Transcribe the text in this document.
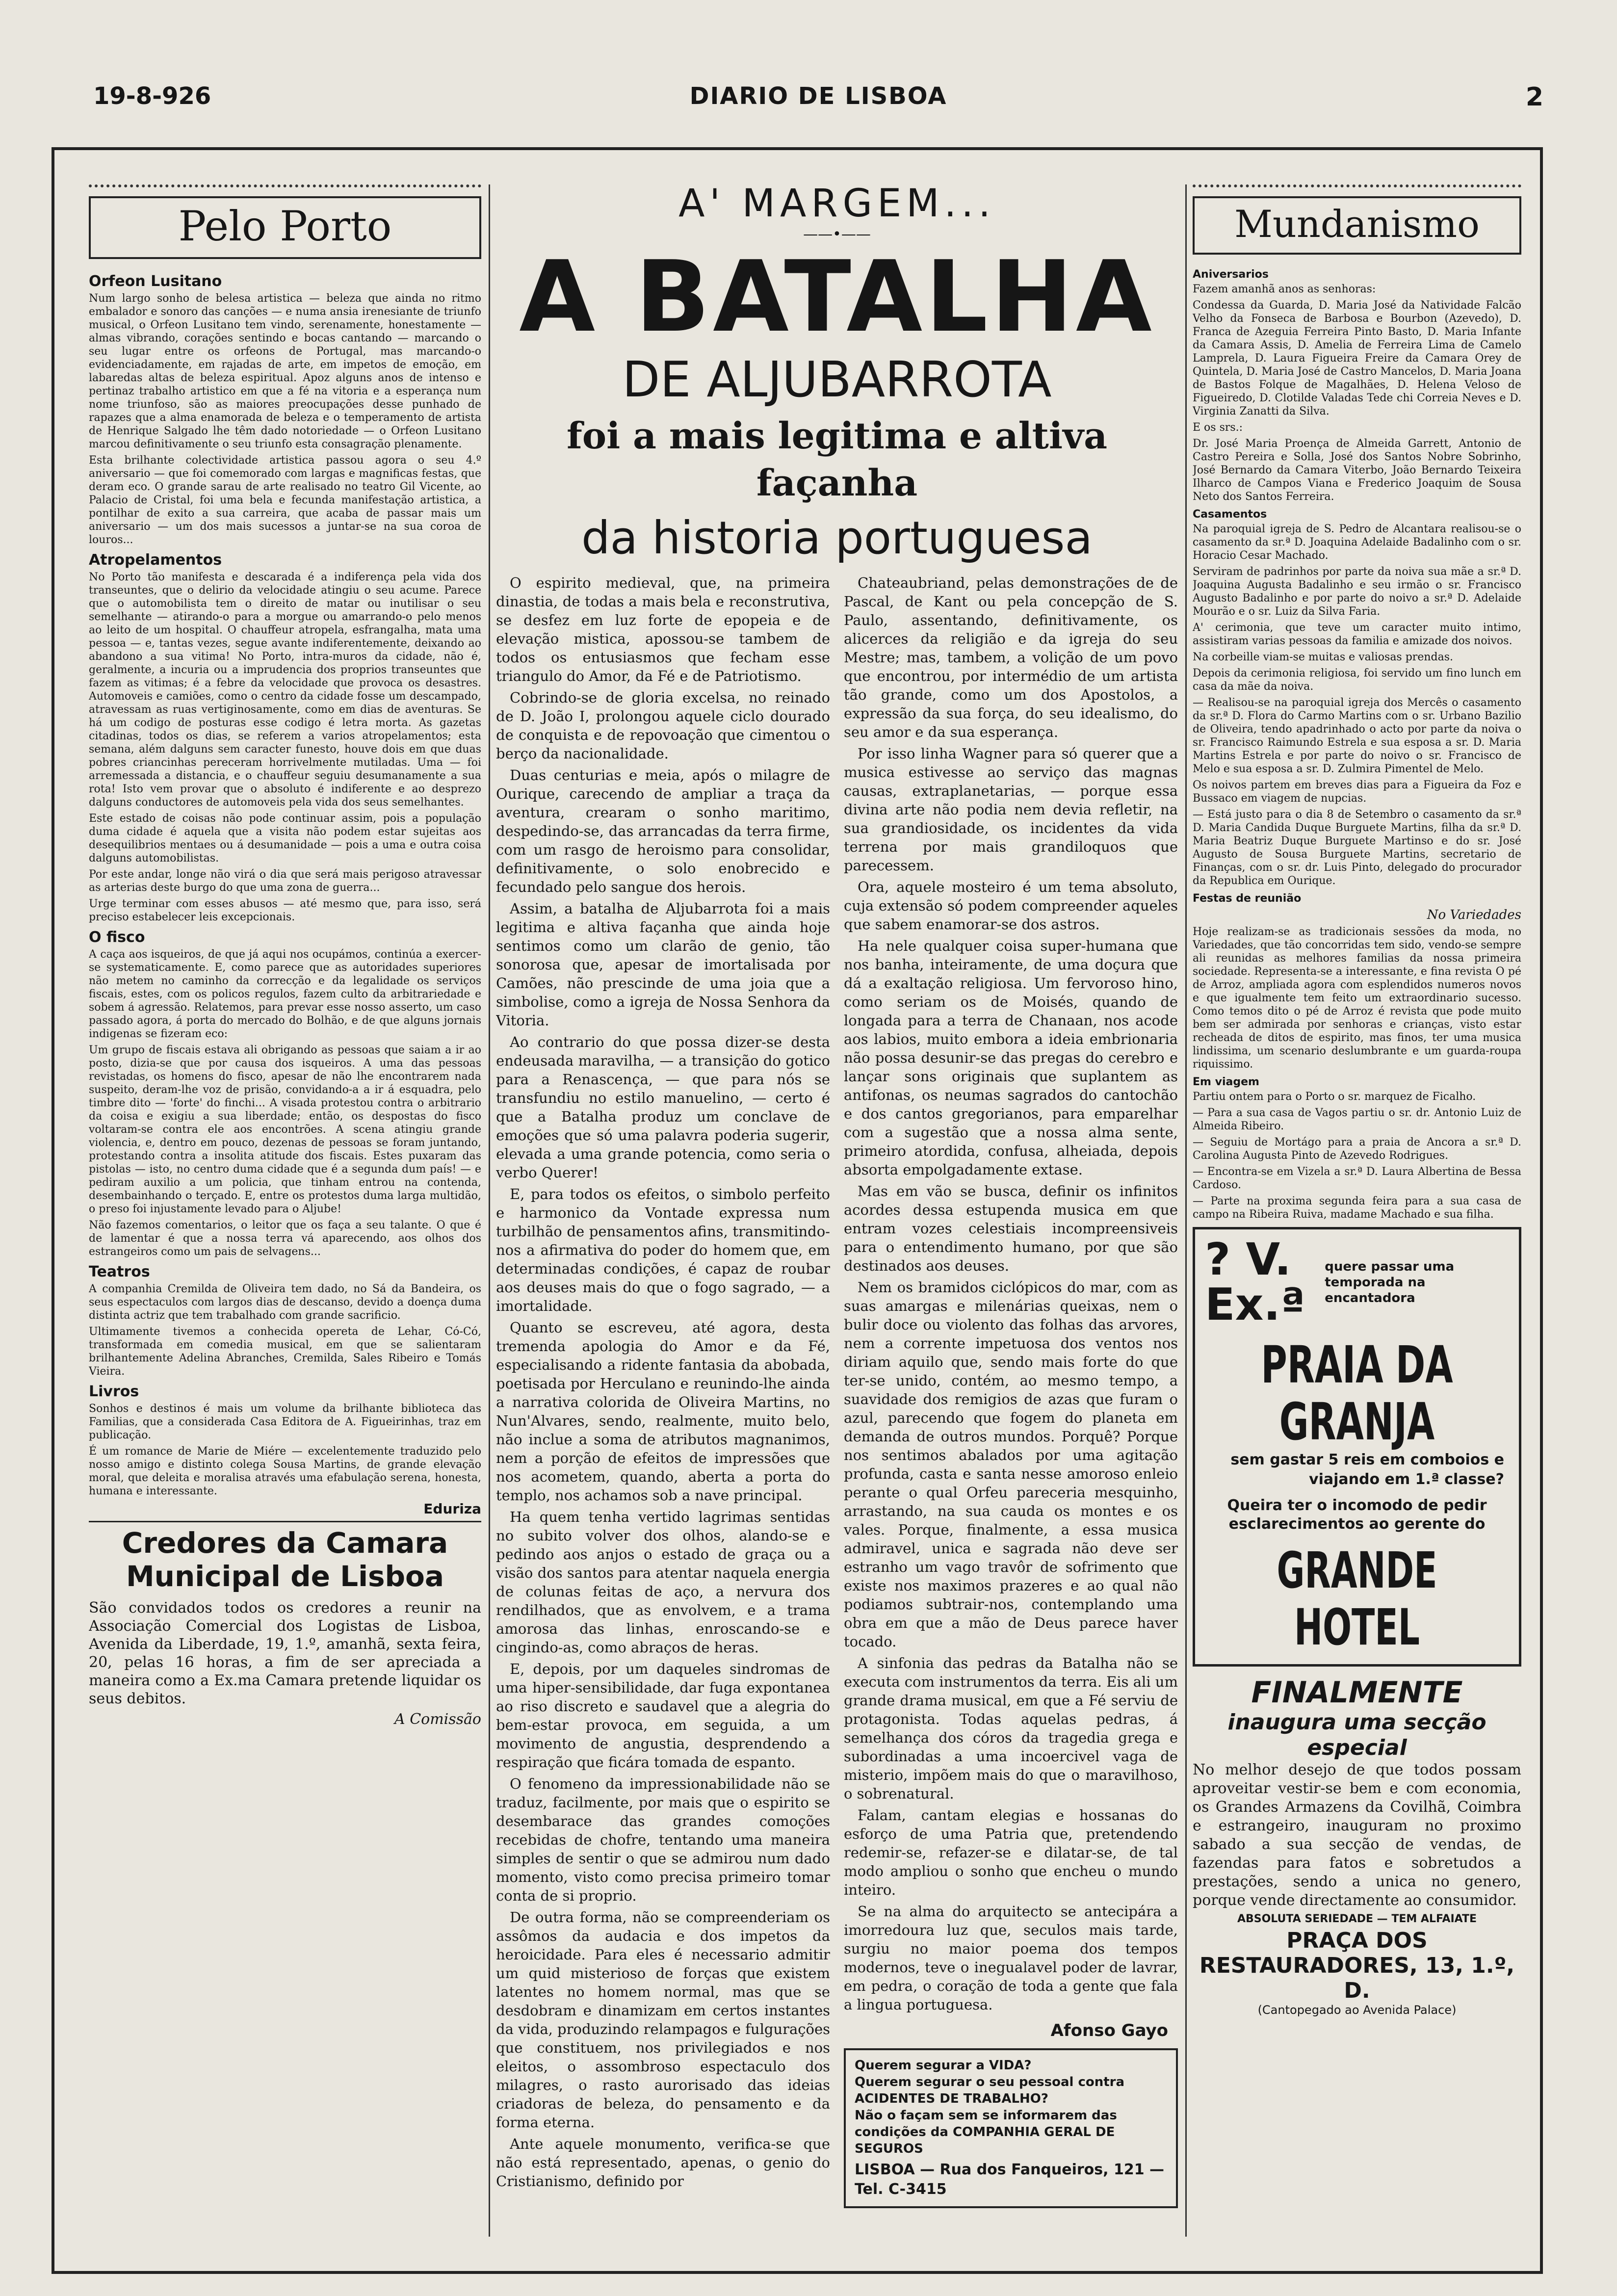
19-8-926	DIARIO DE LISBOA	2
Pelo Porto
Orfeon Lusitano

Num largo sonho de belesa artistica — beleza que ainda no ritmo embalador e sonoro das canções — e numa ansia irenesiante de triunfo musical, o Orfeon Lusitano tem vindo, serenamente, honestamente — almas vibrando, corações sentindo e bocas cantando — marcando o seu lugar entre os orfeons de Portugal, mas marcando-o evidenciadamente, em rajadas de arte, em impetos de emoção, em labaredas altas de beleza espiritual. Apoz alguns anos de intenso e pertinaz trabalho artistico em que a fé na vitoria e a esperança num nome triunfoso, são as maiores preocupações desse punhado de rapazes que a alma enamorada de beleza e o temperamento de artista de Henrique Salgado lhe têm dado notoriedade — o Orfeon Lusitano marcou definitivamente o seu triunfo esta consagração plenamente.

Esta brilhante colectividade artistica passou agora o seu 4.º aniversario — que foi comemorado com largas e magnificas festas, que deram eco. O grande sarau de arte realisado no teatro Gil Vicente, ao Palacio de Cristal, foi uma bela e fecunda manifestação artistica, a pontilhar de exito a sua carreira, que acaba de passar mais um aniversario — um dos mais sucessos a juntar-se na sua coroa de louros...

Atropelamentos

No Porto tão manifesta e descarada é a indiferença pela vida dos transeuntes, que o delirio da velocidade atingiu o seu acume. Parece que o automobilista tem o direito de matar ou inutilisar o seu semelhante — atirando-o para a morgue ou amarrando-o pelo menos ao leito de um hospital. O chauffeur atropela, esfrangalha, mata uma pessoa — e, tantas vezes, segue avante indiferentemente, deixando ao abandono a sua vitima! No Porto, intra-muros da cidade, não é, geralmente, a incuria ou a imprudencia dos proprios transeuntes que fazem as vitimas; é a febre da velocidade que provoca os desastres. Automoveis e camiões, como o centro da cidade fosse um descampado, atravessam as ruas vertiginosamente, como em dias de aventuras. Se há um codigo de posturas esse codigo é letra morta. As gazetas citadinas, todos os dias, se referem a varios atropelamentos; esta semana, além dalguns sem caracter funesto, houve dois em que duas pobres criancinhas pereceram horrivelmente mutiladas. Uma — foi arremessada a distancia, e o chauffeur seguiu desumanamente a sua rota! Isto vem provar que o absoluto é indiferente e ao desprezo dalguns conductores de automoveis pela vida dos seus semelhantes.

Este estado de coisas não pode continuar assim, pois a população duma cidade é aquela que a visita não podem estar sujeitas aos desequilibrios mentaes ou á desumanidade — pois a uma e outra coisa dalguns automobilistas.

Por este andar, longe não virá o dia que será mais perigoso atravessar as arterias deste burgo do que uma zona de guerra...

Urge terminar com esses abusos — até mesmo que, para isso, será preciso estabelecer leis excepcionais.

O fisco

A caça aos isqueiros, de que já aqui nos ocupámos, continúa a exercer-se systematicamente. E, como parece que as autoridades superiores não metem no caminho da correcção e da legalidade os serviços fiscais, estes, com os policos regulos, fazem culto da arbitrariedade e sobem á agressão. Relatemos, para prevar esse nosso asserto, um caso passado agora, á porta do mercado do Bolhão, e de que alguns jornais indigenas se fizeram eco:

Um grupo de fiscais estava ali obrigando as pessoas que saiam a ir ao posto, dizia-se que por causa dos isqueiros. A uma das pessoas revistadas, os homens do fisco, apesar de não lhe encontrarem nada suspeito, deram-lhe voz de prisão, convidando-a a ir á esquadra, pelo timbre dito — 'forte' do finchi... A visada protestou contra o arbitrario da coisa e exigiu a sua liberdade; então, os despostas do fisco voltaram-se contra ele aos encontrões. A scena atingiu grande violencia, e, dentro em pouco, dezenas de pessoas se foram juntando, protestando contra a insolita atitude dos fiscais. Estes puxaram das pistolas — isto, no centro duma cidade que é a segunda dum país! — e pediram auxilio a um policia, que tinham entrou na contenda, desembainhando o terçado. E, entre os protestos duma larga multidão, o preso foi injustamente levado para o Aljube!

Não fazemos comentarios, o leitor que os faça a seu talante. O que é de lamentar é que a nossa terra vá aparecendo, aos olhos dos estrangeiros como um pais de selvagens...

Teatros

A companhia Cremilda de Oliveira tem dado, no Sá da Bandeira, os seus espectaculos com largos dias de descanso, devido a doença duma distinta actriz que tem trabalhado com grande sacrificio.

Ultimamente tivemos a conhecida opereta de Lehar, Có-Có, transformada em comedia musical, em que se salientaram brilhantemente Adelina Abranches, Cremilda, Sales Ribeiro e Tomás Vieira.

Livros

Sonhos e destinos é mais um volume da brilhante biblioteca das Familias, que a considerada Casa Editora de A. Figueirinhas, traz em publicação.

É um romance de Marie de Miére — excelentemente traduzido pelo nosso amigo e distinto colega Sousa Martins, de grande elevação moral, que deleita e moralisa através uma efabulação serena, honesta, humana e interessante.

Eduriza
Credores da Camara Municipal de Lisboa

São convidados todos os credores a reunir na Associação Comercial dos Logistas de Lisboa, Avenida da Liberdade, 19, 1.º, amanhã, sexta feira, 20, pelas 16 horas, a fim de ser apreciada a maneira como a Ex.ma Camara pretende liquidar os seus debitos.

A Comissão
A' MARGEM...
——•——
A BATALHA
DE ALJUBARROTA
foi a mais legitima e altiva façanha
da historia portuguesa

O espirito medieval, que, na primeira dinastia, de todas a mais bela e reconstrutiva, se desfez em luz forte de epopeia e de elevação mistica, apossou-se tambem de todos os entusiasmos que fecham esse triangulo do Amor, da Fé e de Patriotismo.

Cobrindo-se de gloria excelsa, no reinado de D. João I, prolongou aquele ciclo dourado de conquista e de repovoação que cimentou o berço da nacionalidade.

Duas centurias e meia, após o milagre de Ourique, carecendo de ampliar a traça da aventura, crearam o sonho maritimo, despedindo-se, das arrancadas da terra firme, com um rasgo de heroismo para consolidar, definitivamente, o solo enobrecido e fecundado pelo sangue dos herois.

Assim, a batalha de Aljubarrota foi a mais legitima e altiva façanha que ainda hoje sentimos como um clarão de genio, tão sonorosa que, apesar de imortalisada por Camões, não prescinde de uma joia que a simbolise, como a igreja de Nossa Senhora da Vitoria.

Ao contrario do que possa dizer-se desta endeusada maravilha, — a transição do gotico para a Renascença, — que para nós se transfundiu no estilo manuelino, — certo é que a Batalha produz um conclave de emoções que só uma palavra poderia sugerir, elevada a uma grande potencia, como seria o verbo Querer!

E, para todos os efeitos, o simbolo perfeito e harmonico da Vontade expressa num turbilhão de pensamentos afins, transmitindo-nos a afirmativa do poder do homem que, em determinadas condições, é capaz de roubar aos deuses mais do que o fogo sagrado, — a imortalidade.

Quanto se escreveu, até agora, desta tremenda apologia do Amor e da Fé, especialisando a ridente fantasia da abobada, poetisada por Herculano e reunindo-lhe ainda a narrativa colorida de Oliveira Martins, no Nun'Alvares, sendo, realmente, muito belo, não inclue a soma de atributos magnanimos, nem a porção de efeitos de impressões que nos acometem, quando, aberta a porta do templo, nos achamos sob a nave principal.

Ha quem tenha vertido lagrimas sentidas no subito volver dos olhos, alando-se e pedindo aos anjos o estado de graça ou a visão dos santos para atentar naquela energia de colunas feitas de aço, a nervura dos rendilhados, que as envolvem, e a trama amorosa das linhas, enroscando-se e cingindo-as, como abraços de heras.

E, depois, por um daqueles sindromas de uma hiper-sensibilidade, dar fuga expontanea ao riso discreto e saudavel que a alegria do bem-estar provoca, em seguida, a um movimento de angustia, desprendendo a respiração que ficára tomada de espanto.

O fenomeno da impressionabilidade não se traduz, facilmente, por mais que o espirito se desembarace das grandes comoções recebidas de chofre, tentando uma maneira simples de sentir o que se admirou num dado momento, visto como precisa primeiro tomar conta de si proprio.

De outra forma, não se compreenderiam os assômos da audacia e dos impetos da heroicidade. Para eles é necessario admitir um quid misterioso de forças que existem latentes no homem normal, mas que se desdobram e dinamizam em certos instantes da vida, produzindo relampagos e fulgurações que constituem, nos privilegiados e nos eleitos, o assombroso espectaculo dos milagres, o rasto aurorisado das ideias criadoras de beleza, do pensamento e da forma eterna.

Ante aquele monumento, verifica-se que não está representado, apenas, o genio do Cristianismo, definido por

Chateaubriand, pelas demonstrações de de Pascal, de Kant ou pela concepção de S. Paulo, assentando, definitivamente, os alicerces da religião e da igreja do seu Mestre; mas, tambem, a volição de um povo que encontrou, por intermédio de um artista tão grande, como um dos Apostolos, a expressão da sua força, do seu idealismo, do seu amor e da sua esperança.

Por isso linha Wagner para só querer que a musica estivesse ao serviço das magnas causas, extraplanetarias, — porque essa divina arte não podia nem devia refletir, na sua grandiosidade, os incidentes da vida terrena por mais grandiloquos que parecessem.

Ora, aquele mosteiro é um tema absoluto, cuja extensão só podem compreender aqueles que sabem enamorar-se dos astros.

Ha nele qualquer coisa super-humana que nos banha, inteiramente, de uma doçura que dá a exaltação religiosa. Um fervoroso hino, como seriam os de Moisés, quando de longada para a terra de Chanaan, nos acode aos labios, muito embora a ideia embrionaria não possa desunir-se das pregas do cerebro e lançar sons originais que suplantem as antifonas, os neumas sagrados do cantochão e dos cantos gregorianos, para emparelhar com a sugestão que a nossa alma sente, primeiro atordida, confusa, alheiada, depois absorta empolgadamente extase.

Mas em vão se busca, definir os infinitos acordes dessa estupenda musica em que entram vozes celestiais incompreensiveis para o entendimento humano, por que são destinados aos deuses.

Nem os bramidos ciclópicos do mar, com as suas amargas e milenárias queixas, nem o bulir doce ou violento das folhas das arvores, nem a corrente impetuosa dos ventos nos diriam aquilo que, sendo mais forte do que ter-se unido, contém, ao mesmo tempo, a suavidade dos remigios de azas que furam o azul, parecendo que fogem do planeta em demanda de outros mundos. Porquê? Porque nos sentimos abalados por uma agitação profunda, casta e santa nesse amoroso enleio perante o qual Orfeu pareceria mesquinho, arrastando, na sua cauda os montes e os vales. Porque, finalmente, a essa musica admiravel, unica e sagrada não deve ser estranho um vago travôr de sofrimento que existe nos maximos prazeres e ao qual não podiamos subtrair-nos, contemplando uma obra em que a mão de Deus parece haver tocado.

A sinfonia das pedras da Batalha não se executa com instrumentos da terra. Eis ali um grande drama musical, em que a Fé serviu de protagonista. Todas aquelas pedras, á semelhança dos córos da tragedia grega e subordinadas a uma incoercivel vaga de misterio, impõem mais do que o maravilhoso, o sobrenatural.

Falam, cantam elegias e hossanas do esforço de uma Patria que, pretendendo redemir-se, refazer-se e dilatar-se, de tal modo ampliou o sonho que encheu o mundo inteiro.

Se na alma do arquitecto se antecipára a imorredoura luz que, seculos mais tarde, surgiu no maior poema dos tempos modernos, teve o inegualavel poder de lavrar, em pedra, o coração de toda a gente que fala a lingua portuguesa.

Afonso Gayo
Querem segurar a VIDA?
Querem segurar o seu pessoal contra ACIDENTES DE TRABALHO?
Não o façam sem se informarem das condições da COMPANHIA GERAL DE SEGUROS
LISBOA — Rua dos Fanqueiros, 121 — Tel. C-3415
Mundanismo
Aniversarios

Fazem amanhã anos as senhoras:

Condessa da Guarda, D. Maria José da Natividade Falcão Velho da Fonseca de Barbosa e Bourbon (Azevedo), D. Franca de Azeguia Ferreira Pinto Basto, D. Maria Infante da Camara Assis, D. Amelia de Ferreira Lima de Camelo Lamprela, D. Laura Figueira Freire da Camara Orey de Quintela, D. Maria José de Castro Mancelos, D. Maria Joana de Bastos Folque de Magalhães, D. Helena Veloso de Figueiredo, D. Clotilde Valadas Tede chi Correia Neves e D. Virginia Zanatti da Silva.

E os srs.:

Dr. José Maria Proença de Almeida Garrett, Antonio de Castro Pereira e Solla, José dos Santos Nobre Sobrinho, José Bernardo da Camara Viterbo, João Bernardo Teixeira Ilharco de Campos Viana e Frederico Joaquim de Sousa Neto dos Santos Ferreira.

Casamentos

Na paroquial igreja de S. Pedro de Alcantara realisou-se o casamento da sr.ª D. Joaquina Adelaide Badalinho com o sr. Horacio Cesar Machado.

Serviram de padrinhos por parte da noiva sua mãe a sr.ª D. Joaquina Augusta Badalinho e seu irmão o sr. Francisco Augusto Badalinho e por parte do noivo a sr.ª D. Adelaide Mourão e o sr. Luiz da Silva Faria.

A' cerimonia, que teve um caracter muito intimo, assistiram varias pessoas da familia e amizade dos noivos.

Na corbeille viam-se muitas e valiosas prendas.

Depois da cerimonia religiosa, foi servido um fino lunch em casa da mãe da noiva.

— Realisou-se na paroquial igreja dos Mercês o casamento da sr.ª D. Flora do Carmo Martins com o sr. Urbano Bazilio de Oliveira, tendo apadrinhado o acto por parte da noiva o sr. Francisco Raimundo Estrela e sua esposa a sr. D. Maria Martins Estrela e por parte do noivo o sr. Francisco de Melo e sua esposa a sr. D. Zulmira Pimentel de Melo.

Os noivos partem em breves dias para a Figueira da Foz e Bussaco em viagem de nupcias.

— Está justo para o dia 8 de Setembro o casamento da sr.ª D. Maria Candida Duque Burguete Martins, filha da sr.ª D. Maria Beatriz Duque Burguete Martinso e do sr. José Augusto de Sousa Burguete Martins, secretario de Finanças, com o sr. dr. Luis Pinto, delegado do procurador da Republica em Ourique.

Festas de reunião
No Variedades

Hoje realizam-se as tradicionais sessões da moda, no Variedades, que tão concorridas tem sido, vendo-se sempre ali reunidas as melhores familias da nossa primeira sociedade. Representa-se a interessante, e fina revista O pé de Arroz, ampliada agora com esplendidos numeros novos e que igualmente tem feito um extraordinario sucesso. Como temos dito o pé de Arroz é revista que pode muito bem ser admirada por senhoras e crianças, visto estar recheada de ditos de espirito, mas finos, ter uma musica lindissima, um scenario deslumbrante e um guarda-roupa riquissimo.

Em viagem

Partiu ontem para o Porto o sr. marquez de Ficalho.

— Para a sua casa de Vagos partiu o sr. dr. Antonio Luiz de Almeida Ribeiro.

— Seguiu de Mortágo para a praia de Ancora a sr.ª D. Carolina Augusta Pinto de Azevedo Rodrigues.

— Encontra-se em Vizela a sr.ª D. Laura Albertina de Bessa Cardoso.

— Parte na proxima segunda feira para a sua casa de campo na Ribeira Ruiva, madame Machado e sua filha.

? V. Ex.ª
quere passar uma temporada na encantadora
PRAIA DA GRANJA
sem gastar 5 reis em comboios e viajando em 1.ª classe?
Queira ter o incomodo de pedir esclarecimentos ao gerente do
GRANDE HOTEL
FINALMENTE
inaugura uma secção especial

No melhor desejo de que todos possam aproveitar vestir-se bem e com economia, os Grandes Armazens da Covilhã, Coimbra e estrangeiro, inauguram no proximo sabado a sua secção de vendas, de fazendas para fatos e sobretudos a prestações, sendo a unica no genero, porque vende directamente ao consumidor.

ABSOLUTA SERIEDADE — TEM ALFAIATE
PRAÇA DOS RESTAURADORES, 13, 1.º, D.
(Cantopegado ao Avenida Palace)
